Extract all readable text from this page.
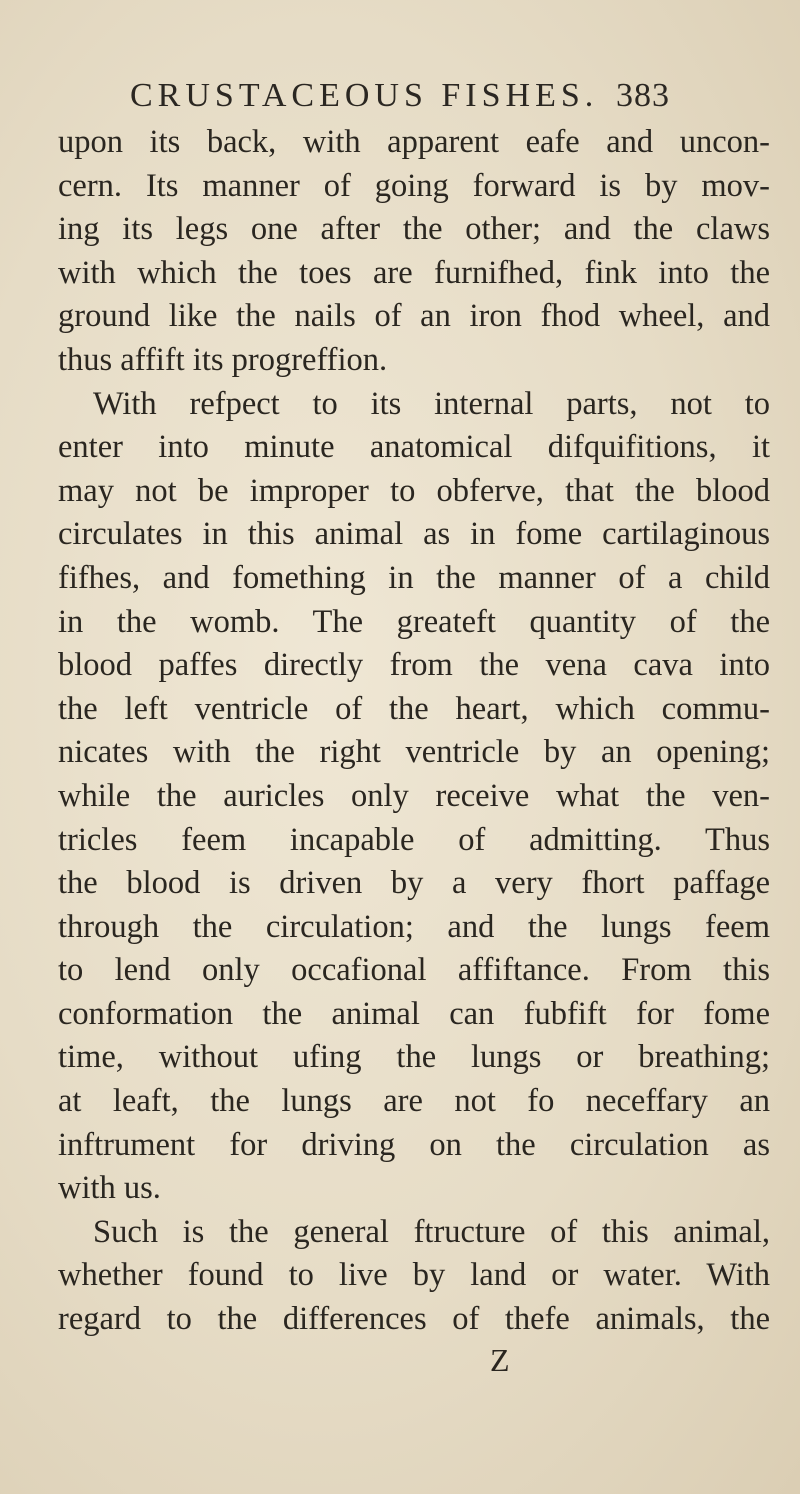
CRUSTACEOUS FISHES. 383
upon its back, with apparent eafe and uncon-
cern. Its manner of going forward is by mov-
ing its legs one after the other; and the claws
with which the toes are furnifhed, fink into the
ground like the nails of an iron fhod wheel, and
thus affift its progreffion.
With refpect to its internal parts, not to
enter into minute anatomical difquifitions, it
may not be improper to obferve, that the blood
circulates in this animal as in fome cartilaginous
fifhes, and fomething in the manner of a child
in the womb. The greateft quantity of the
blood paffes directly from the vena cava into
the left ventricle of the heart, which commu-
nicates with the right ventricle by an opening;
while the auricles only receive what the ven-
tricles feem incapable of admitting. Thus
the blood is driven by a very fhort paffage
through the circulation; and the lungs feem
to lend only occafional affiftance. From this
conformation the animal can fubfift for fome
time, without ufing the lungs or breathing;
at leaft, the lungs are not fo neceffary an
inftrument for driving on the circulation as
with us.
Such is the general ftructure of this animal,
whether found to live by land or water. With
regard to the differences of thefe animals, the
Z
